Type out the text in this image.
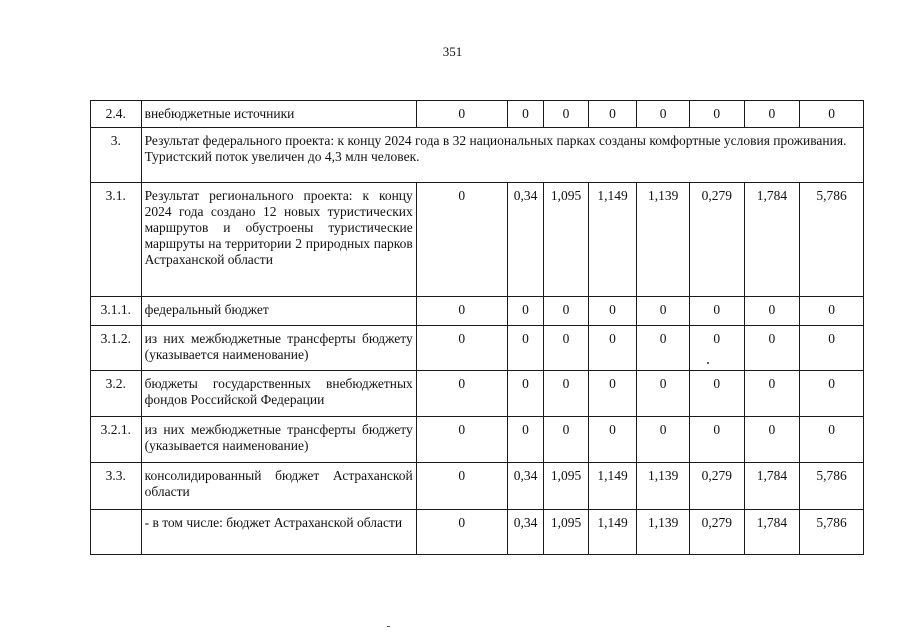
351
2.4.	внебюджетные источники	0	0	0	0	0	0	0	0
3.	Результат федерального проекта: к концу 2024 года в 32 национальных парках созданы комфортные условия проживания. Туристский поток увеличен до 4,3 млн человек.								
3.1.	Результат регионального проекта: к концу 2024 года создано 12 новых туристических маршрутов и обустроены туристические маршруты на территории 2 природных парков Астраханской области	0	0,34	1,095	1,149	1,139	0,279	1,784	5,786
3.1.1.	федеральный бюджет	0	0	0	0	0	0	0	0
3.1.2.	из них межбюджетные трансферты бюджету (указывается наименование)	0	0	0	0	0	0	0	0
3.2.	бюджеты государственных внебюджетных фондов Российской Федерации	0	0	0	0	0	0	0	0
3.2.1.	из них межбюджетные трансферты бюджету (указывается наименование)	0	0	0	0	0	0	0	0
3.3.	консолидированный бюджет Астраханской области	0	0,34	1,095	1,149	1,139	0,279	1,784	5,786
	- в том числе: бюджет Астраханской области	0	0,34	1,095	1,149	1,139	0,279	1,784	5,786
